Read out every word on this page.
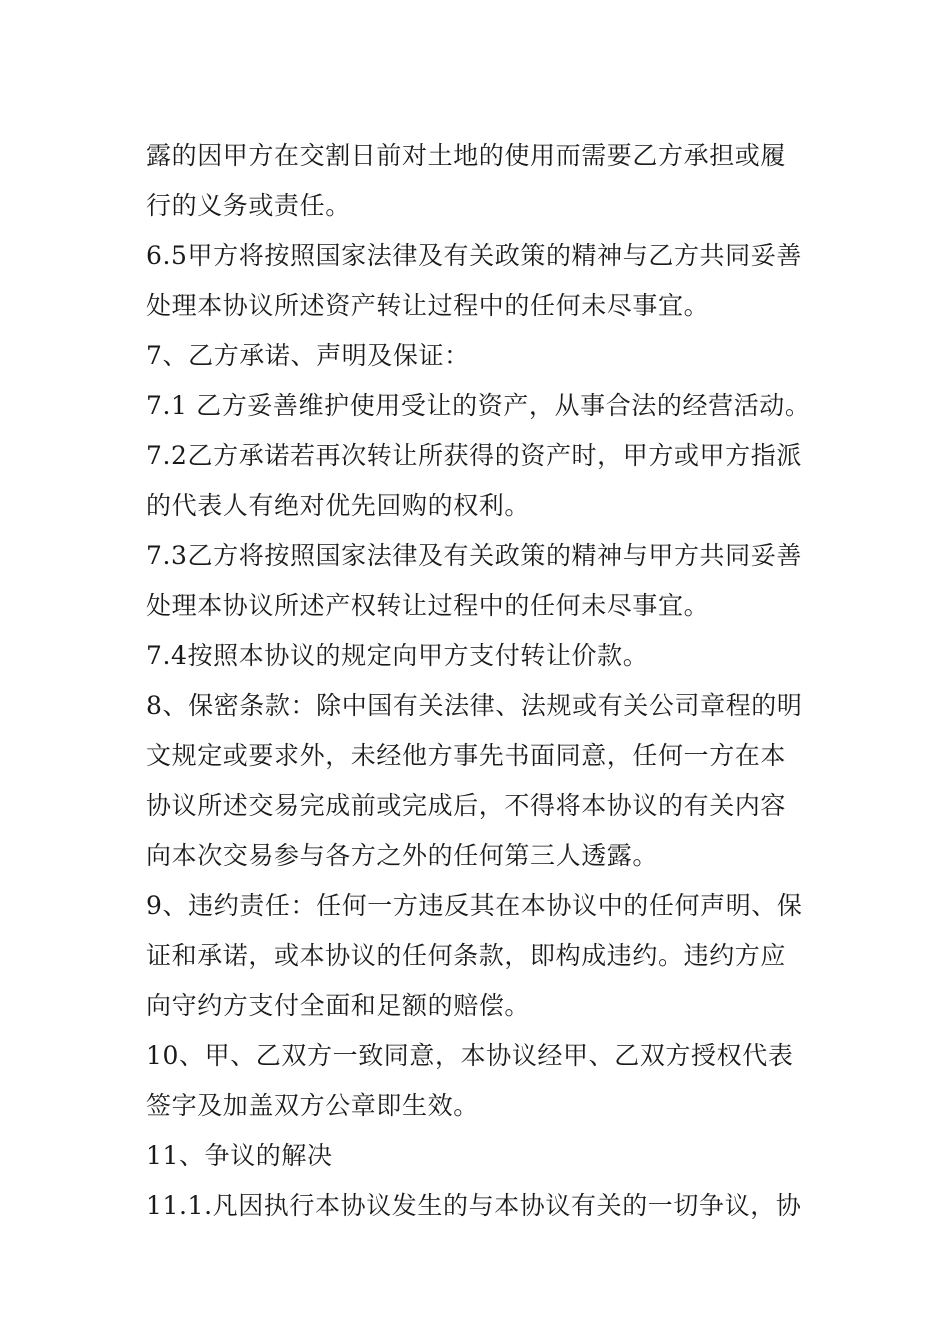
露的因甲方在交割日前对土地的使用而需要乙方承担或履
行的义务或责任。
6.5甲方将按照国家法律及有关政策的精神与乙方共同妥善
处理本协议所述资产转让过程中的任何未尽事宜。
7、乙方承诺、声明及保证：
7.1 乙方妥善维护使用受让的资产，从事合法的经营活动。
7.2乙方承诺若再次转让所获得的资产时，甲方或甲方指派
的代表人有绝对优先回购的权利。
7.3乙方将按照国家法律及有关政策的精神与甲方共同妥善
处理本协议所述产权转让过程中的任何未尽事宜。
7.4按照本协议的规定向甲方支付转让价款。
8、保密条款：除中国有关法律、法规或有关公司章程的明
文规定或要求外，未经他方事先书面同意，任何一方在本
协议所述交易完成前或完成后，不得将本协议的有关内容
向本次交易参与各方之外的任何第三人透露。
9、违约责任：任何一方违反其在本协议中的任何声明、保
证和承诺，或本协议的任何条款，即构成违约。违约方应
向守约方支付全面和足额的赔偿。
10、甲、乙双方一致同意，本协议经甲、乙双方授权代表
签字及加盖双方公章即生效。
11、争议的解决
11.1.凡因执行本协议发生的与本协议有关的一切争议，协
